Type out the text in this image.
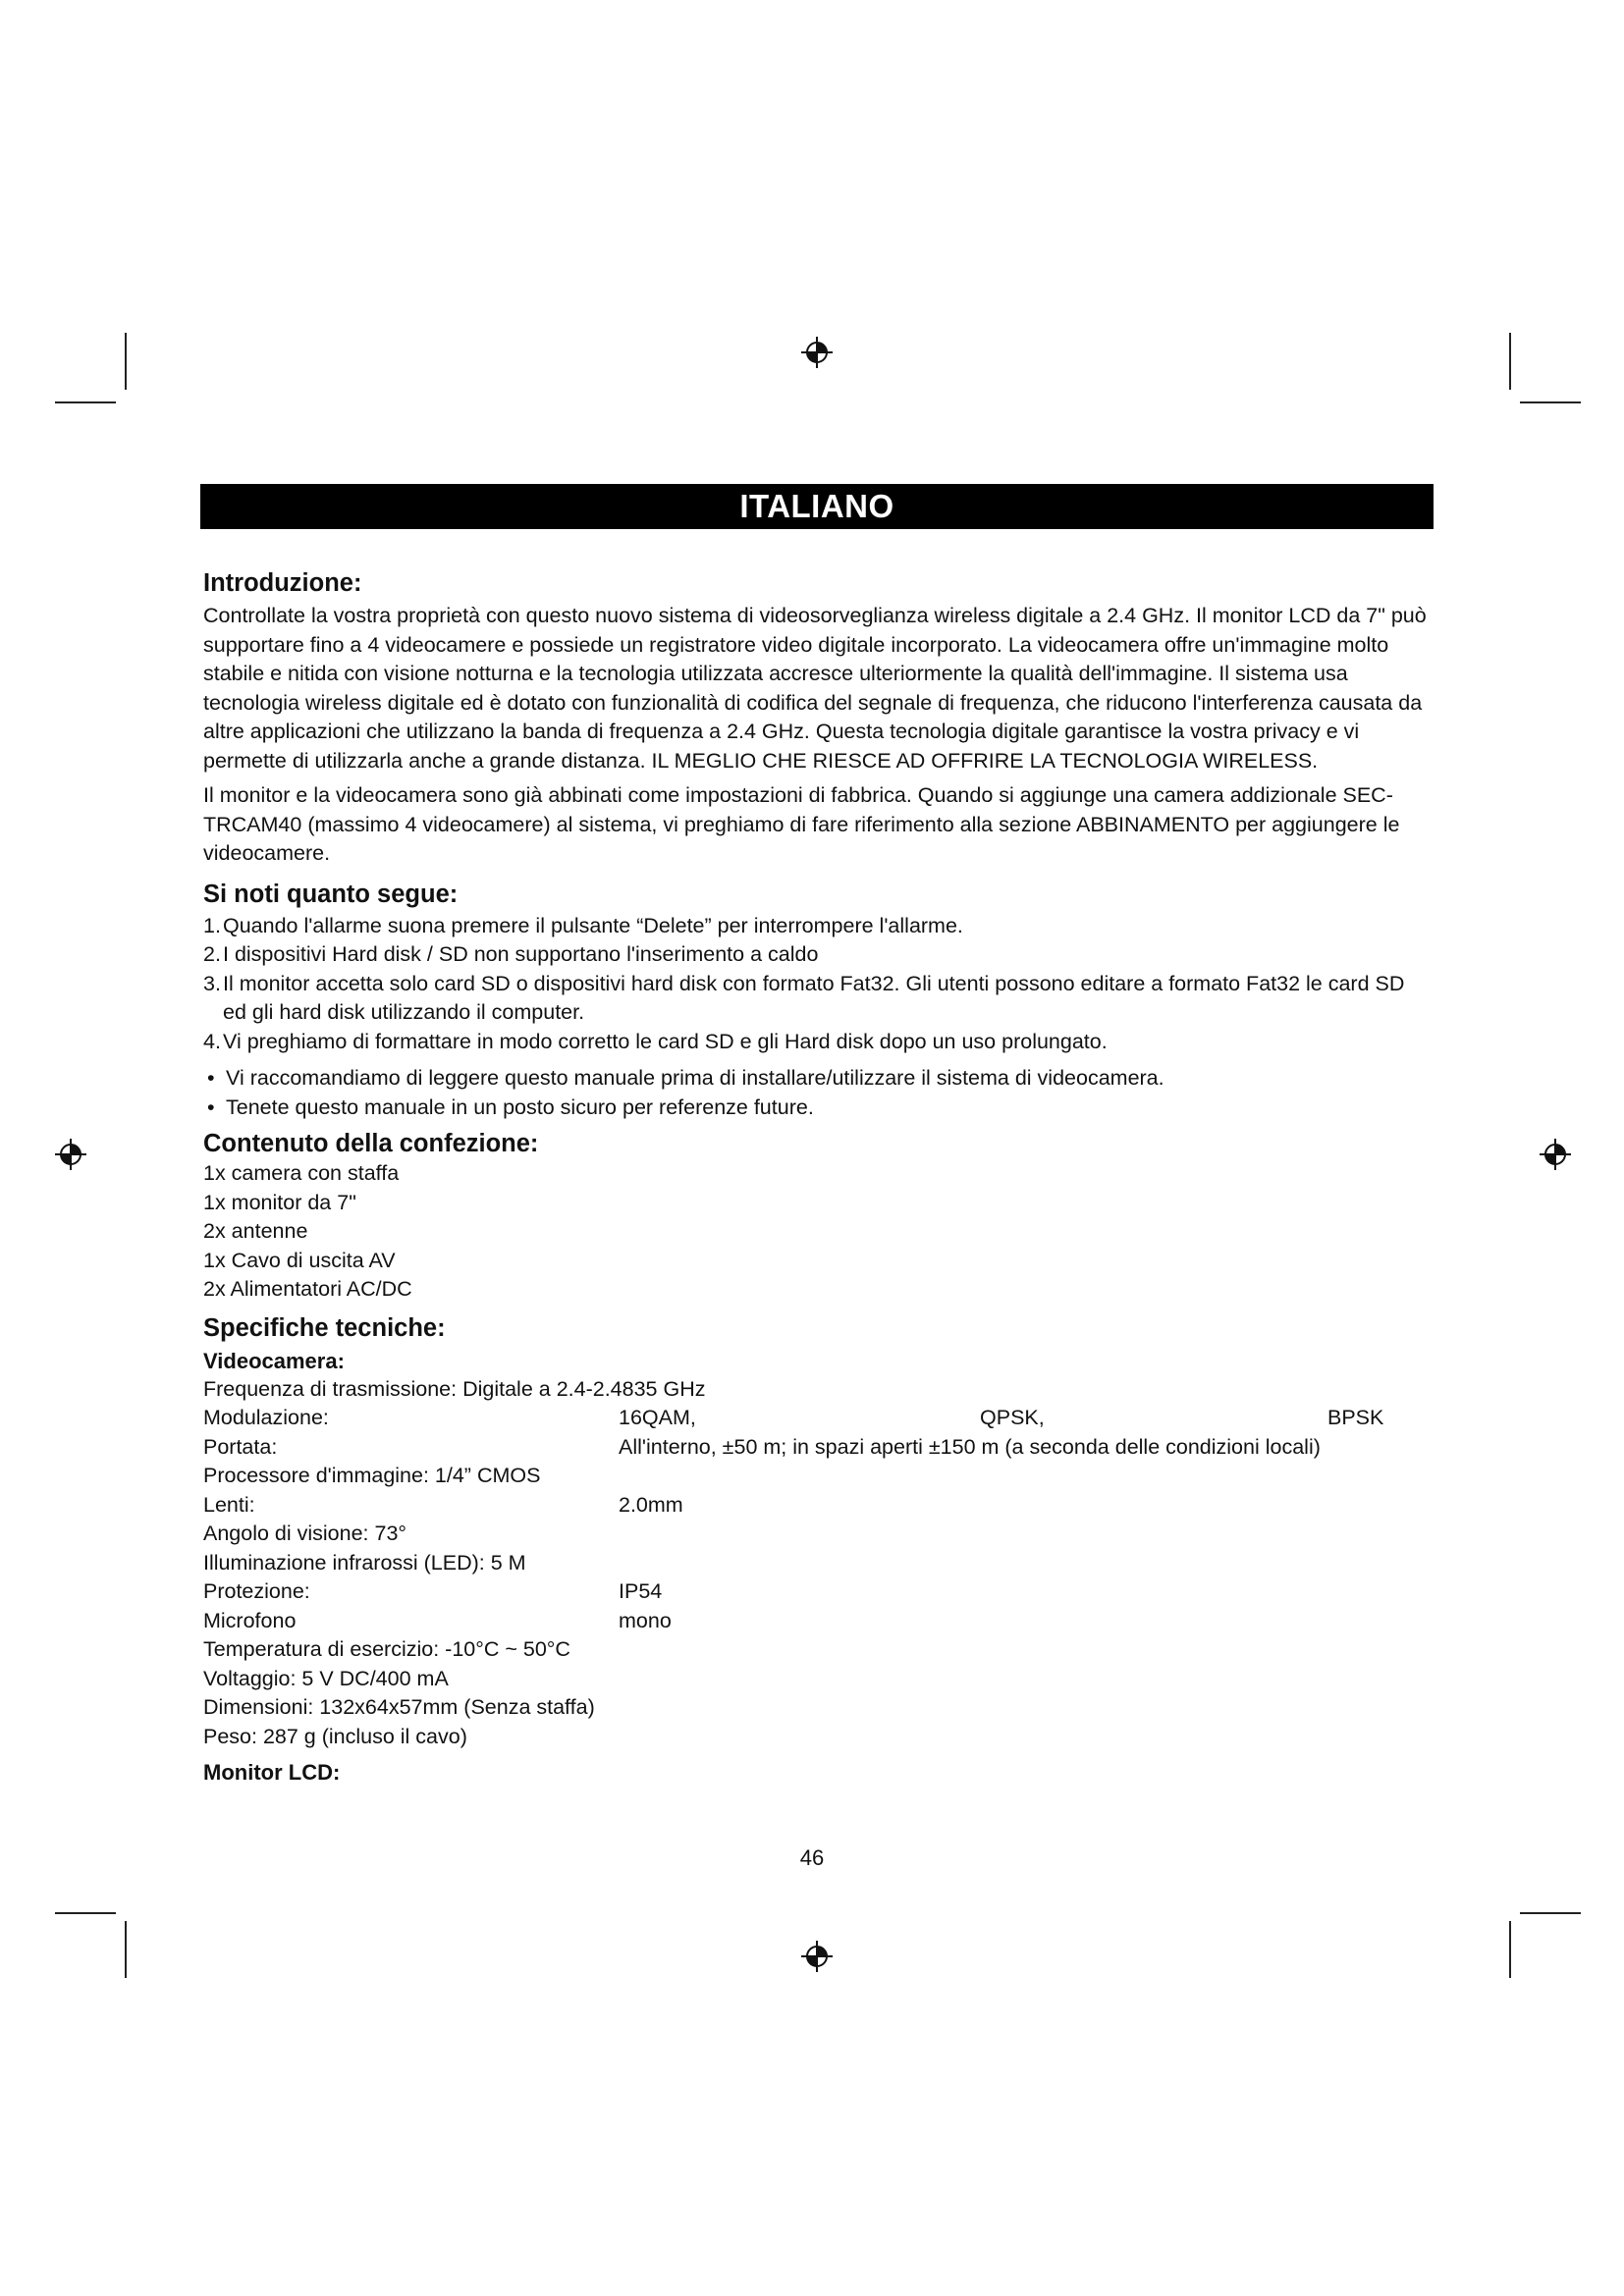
ITALIANO
Introduzione:
Controllate la vostra proprietà con questo nuovo sistema di videosorveglianza wireless digitale a 2.4 GHz. Il monitor LCD da 7" può supportare fino a 4 videocamere e possiede un registratore video digitale incorporato. La videocamera offre un'immagine molto stabile e nitida con visione notturna e la tecnologia utilizzata accresce ulteriormente la qualità dell'immagine. Il sistema usa tecnologia wireless digitale ed è dotato con funzionalità di codifica del segnale di frequenza, che riducono l'interferenza causata da altre applicazioni che utilizzano la banda di frequenza a 2.4 GHz. Questa tecnologia digitale garantisce la vostra privacy e vi permette di utilizzarla anche a grande distanza. IL MEGLIO CHE RIESCE AD OFFRIRE LA TECNOLOGIA WIRELESS.
Il monitor e la videocamera sono già abbinati come impostazioni di fabbrica. Quando si aggiunge una camera addizionale SEC-TRCAM40 (massimo 4 videocamere) al sistema, vi preghiamo di fare riferimento alla sezione ABBINAMENTO per aggiungere le videocamere.
Si noti quanto segue:
1. Quando l'allarme suona premere il pulsante “Delete” per interrompere l'allarme.
2. I dispositivi Hard disk / SD non supportano l'inserimento a caldo
3. Il monitor accetta solo card SD o dispositivi hard disk con formato Fat32. Gli utenti possono editare a formato Fat32 le card SD ed gli hard disk utilizzando il computer.
4. Vi preghiamo di formattare in modo corretto le card SD e gli Hard disk dopo un uso prolungato.
• Vi raccomandiamo di leggere questo manuale prima di installare/utilizzare il sistema di videocamera.
• Tenete questo manuale in un posto sicuro per referenze future.
Contenuto della confezione:
1x camera con staffa
1x monitor da 7"
2x antenne
1x Cavo di uscita AV
2x Alimentatori AC/DC
Specifiche tecniche:
Videocamera:
Frequenza di trasmissione: Digitale a 2.4-2.4835 GHz
Modulazione:	16QAM,	QPSK,	BPSK
Portata:	All'interno, ±50 m; in spazi aperti ±150 m (a seconda delle condizioni locali)
Processore d'immagine: 1/4” CMOS
Lenti:	2.0mm
Angolo di visione: 73°
Illuminazione infrarossi (LED): 5 M
Protezione:	IP54
Microfono	mono
Temperatura di esercizio: -10°C ~ 50°C
Voltaggio: 5 V DC/400 mA
Dimensioni: 132x64x57mm (Senza staffa)
Peso: 287 g (incluso il cavo)
Monitor LCD:
46
